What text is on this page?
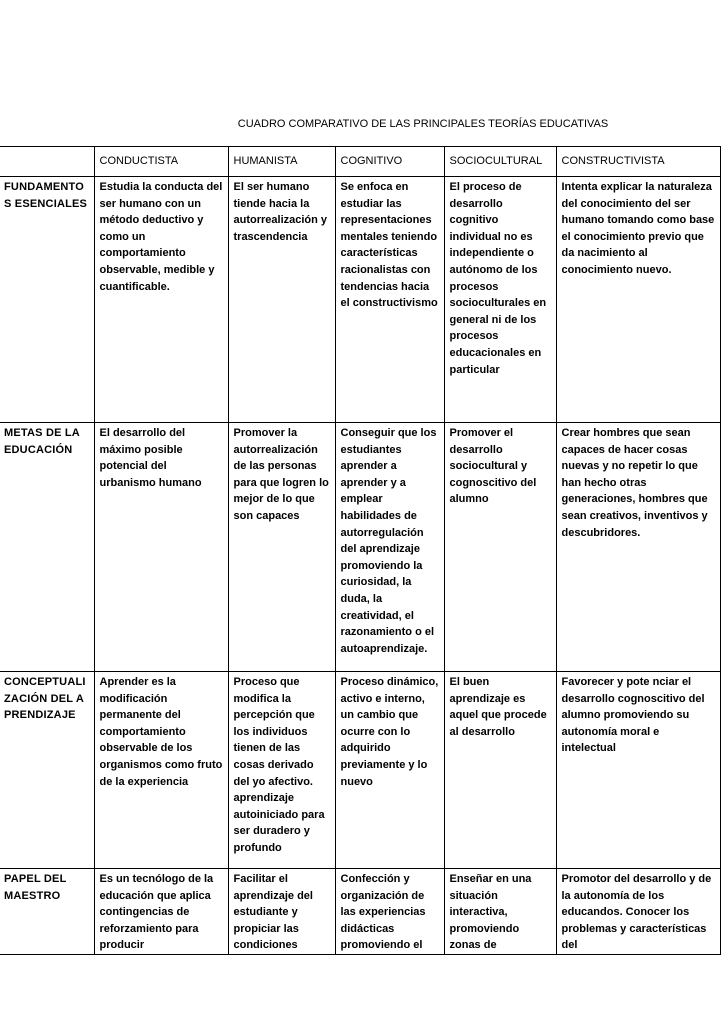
CUADRO COMPARATIVO DE LAS PRINCIPALES TEORÍAS EDUCATIVAS

	CONDUCTISTA	HUMANISTA	COGNITIVO	SOCIOCULTURAL	CONSTRUCTIVISTA

FUNDAMENTOS ESENCIALES	Estudia la conducta del ser humano con un método deductivo y como un comportamiento observable, medible y cuantificable.	El ser humano tiende hacia la autorrealización y trascendencia	Se enfoca en estudiar las representaciones mentales teniendo características racionalistas con tendencias hacia el constructivismo	El proceso de desarrollo cognitivo individual no es independiente o autónomo de los procesos socioculturales en general ni de los procesos educacionales en particular	Intenta explicar la naturaleza del conocimiento del ser humano tomando como base el conocimiento previo que da nacimiento al conocimiento nuevo.

METAS DE LA EDUCACIÓN	El desarrollo del máximo posible potencial del urbanismo humano	Promover la autorrealización de las personas para que logren lo mejor de lo que son capaces	Conseguir que los estudiantes aprender a aprender y a emplear habilidades de autorregulación del aprendizaje promoviendo la curiosidad, la duda, la creatividad, el razonamiento o el autoaprendizaje.	Promover el desarrollo sociocultural y cognoscitivo del alumno	Crear hombres que sean capaces de hacer cosas nuevas y no repetir lo que han hecho otras generaciones, hombres que sean creativos, inventivos y descubridores.

CONCEPTUALIZACIÓN DEL APRENDIZAJE	Aprender es la modificación permanente del comportamiento observable de los organismos como fruto de la experiencia	Proceso que modifica la percepción que los individuos tienen de las cosas derivado del yo afectivo. aprendizaje autoiniciado para ser duradero y profundo	Proceso dinámico, activo e interno, un cambio que ocurre con lo adquirido previamente y lo nuevo	El buen aprendizaje es aquel que procede al desarrollo	Favorecer y pote nciar el desarrollo cognoscitivo del alumno promoviendo su autonomía moral e intelectual

PAPEL DEL MAESTRO	Es un tecnólogo de la educación que aplica contingencias de reforzamiento para producir	Facilitar el aprendizaje del estudiante y propiciar las condiciones	Confección y organización de las experiencias didácticas promoviendo el	Enseñar en una situación interactiva, promoviendo zonas de	Promotor del desarrollo y de la autonomía de los educandos. Conocer los problemas y características del
